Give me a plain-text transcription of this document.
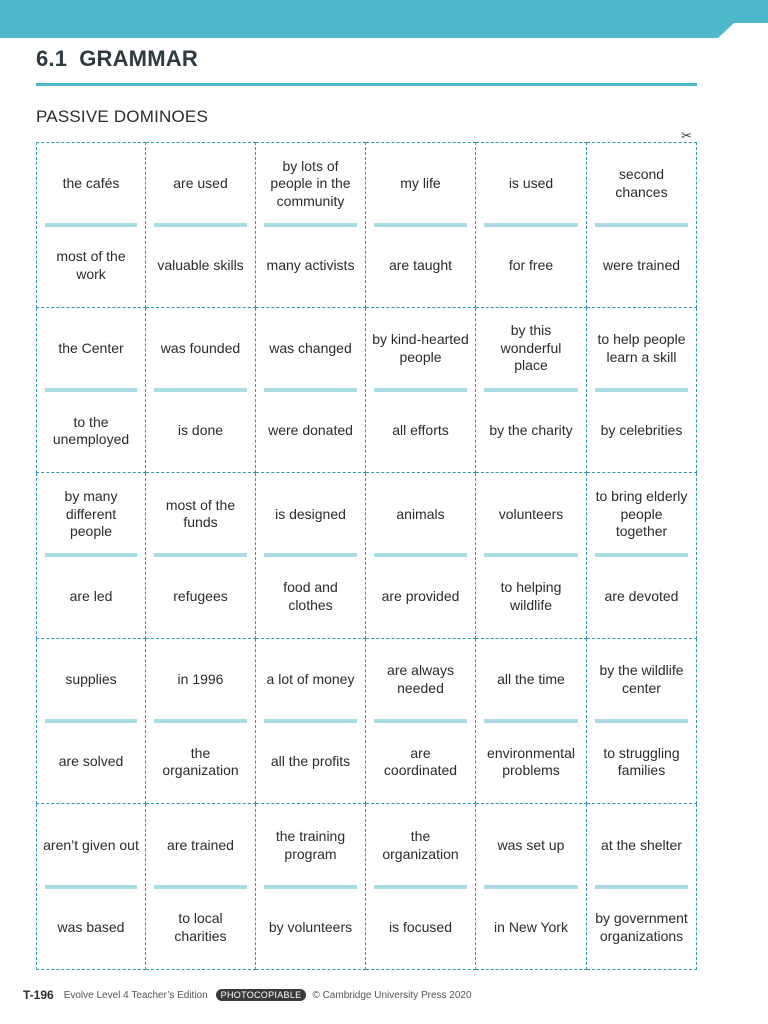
6.1 GRAMMAR
PASSIVE DOMINOES
✂
the cafés
most of the work
are used
valuable skills
by lots of people in the community
many activists
my life
are taught
is used
for free
second chances
were trained
the Center
to the unemployed
was founded
is done
was changed
were donated
by kind-hearted people
all efforts
by this wonderful place
by the charity
to help people learn a skill
by celebrities
by many different people
are led
most of the funds
refugees
is designed
food and clothes
animals
are provided
volunteers
to helping wildlife
to bring elderly people together
are devoted
supplies
are solved
in 1996
the organization
a lot of money
all the profits
are always needed
are coordinated
all the time
environmental problems
by the wildlife center
to struggling families
aren’t given out
was based
are trained
to local charities
the training program
by volunteers
the organization
is focused
was set up
in New York
at the shelter
by government organizations
T-196 Evolve Level 4 Teacher’s Edition	PHOTOCOPIABLE	© Cambridge University Press 2020
